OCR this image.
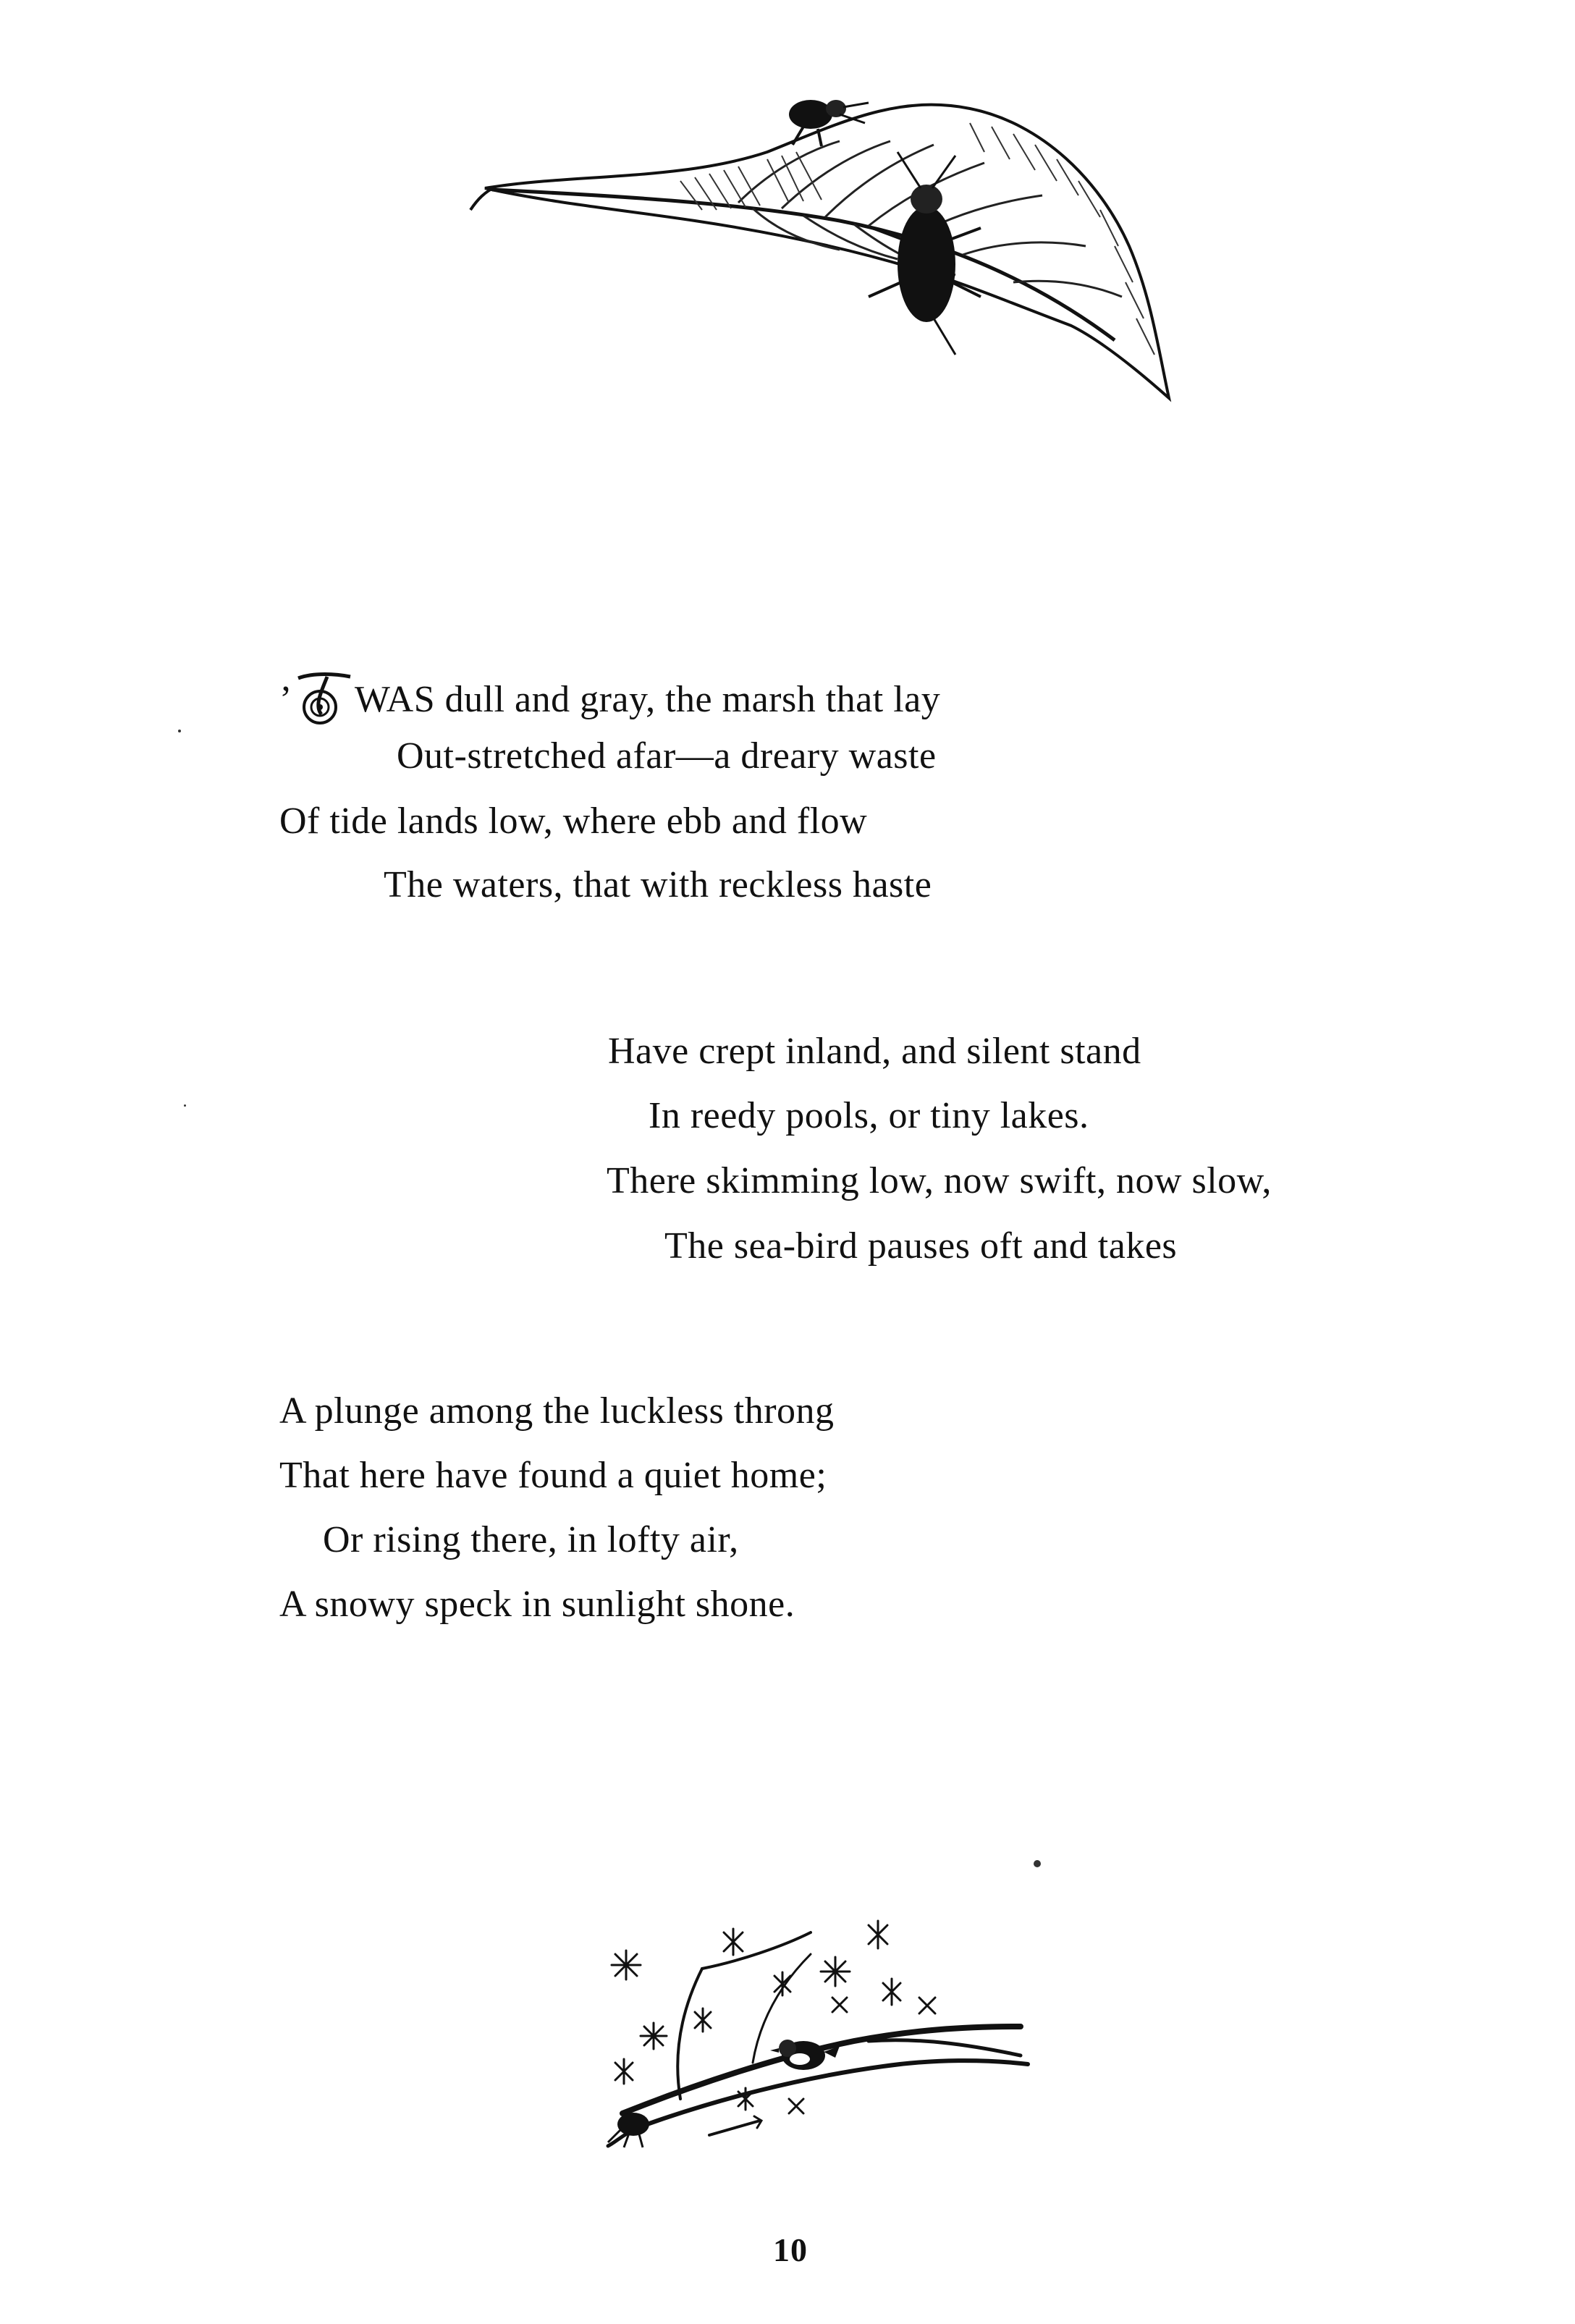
’ WAS dull and gray, the marsh that lay
Out-stretched afar—a dreary waste
Of tide lands low, where ebb and flow
The waters, that with reckless haste
Have crept inland, and silent stand
In reedy pools, or tiny lakes.
There skimming low, now swift, now slow,
The sea-bird pauses oft and takes
A plunge among the luckless throng
That here have found a quiet home;
Or rising there, in lofty air,
A snowy speck in sunlight shone.
10
